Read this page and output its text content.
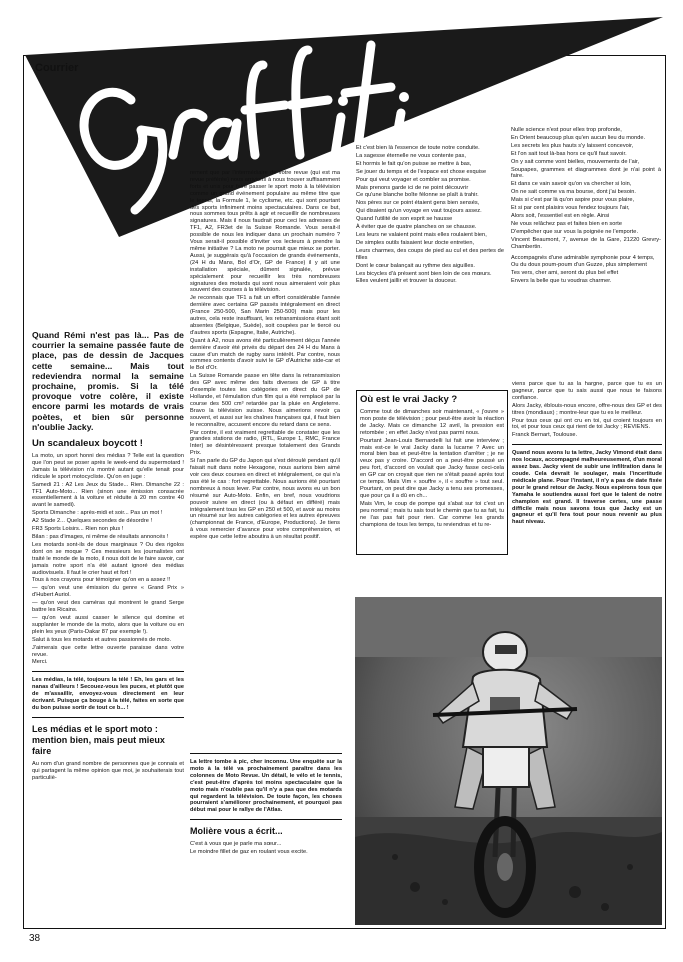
Courrier

Quand Rémi n'est pas là... Pas de courrier la semaine passée faute de place, pas de dessin de Jacques cette semaine... Mais tout redeviendra normal la semaine prochaine, promis. Si la télé provoque votre colère, il existe encore parmi les motards de vrais poètes, et bien sûr personne n'oublie Jacky.

Un scandaleux boycott !

La moto, un sport honni des médias ? Telle est la question que l'on peut se poser après le week-end du supermotard ! Jamais la télévision n'a montré autant qu'elle tenait pour ridicule le sport motocycliste. Qu'on en juge :

Samedi 21 : A2 Les Jeux du Stade... Rien. Dimanche 22 : TF1 Auto-Moto... Rien (sinon une émission consacrée essentiellement à la voiture et réduite à 20 mn contre 40 avant le samedi).

Sports Dimanche : après-midi et soir... Pas un mot !

A2 Stade 2... Quelques secondes de désordre !

FR3 Sports Loisirs... Rien non plus !

Bilan : pas d'images, ni même de résultats annoncés !

Les motards sont-ils de doux marginaux ? Ou des rigolos dont on se moque ? Ces messieurs les journalistes ont traité le monde de la moto, il nous doit de le faire savoir, car jamais notre sport n'a été autant ignoré des médias audiovisuels. Il faut le crier haut et fort !

Tous à nos crayons pour témoigner qu'on en a assez !!

— qu'on veut une émission du genre « Grand Prix » d'Hubert Auriol.

— qu'on veut des caméras qui montrent le grand Serge battre les Ricains.

— qu'on veut aussi casser le silence qui domine et supplanter le monde de la moto, alors que la voiture ou en plein les yeux (Paris-Dakar 87 par exemple !).

Salut à tous les motards et autres passionnés de moto.

J'aimerais que cette lettre ouverte paraisse dans votre revue.

Merci.

Les médias, la télé, toujours la télé ! Eh, les gars et les nanas d'ailleurs ! Secouez-vous les puces, et plutôt que de m'assaillir, envoyez-vous directement en leur écrivant. Puisque ça bouge à la télé, faites en sorte que du bon puisse sortir de tout ce b... !

Les médias et le sport moto : mention bien, mais peut mieux faire

Au nom d'un grand nombre de personnes que je connais et qui partagent la même opinion que moi, je souhaiterais tout particuliè-

rement que par l'intermédiaire de votre revue (qui est ma revue préférée) nous arrivions à nous trouver suffisamment forts et unis pour faire passer le sport moto à la télévision comme un grand événement populaire au même titre que le tennis, la Formule 1, le cyclisme, etc. qui sont pourtant des sports infiniment moins spectaculaires. Dans ce but, nous sommes tous prêts à agir et recueillir de nombreuses signatures. Mais il nous faudrait pour ceci les adresses de TF1, A2, FR3et de la Suisse Romande. Vous serait-il possible de nous les indiquer dans un prochain numéro ? Vous serait-il possible d'inviter vos lecteurs à prendre la même initiative ? La moto ne pourrait que mieux se porter. Aussi, je suggérais qu'à l'occasion de grands événements, (24 H du Mans, Bol d'Or, GP de France) il y ait une installation spéciale, dûment signalée, prévue spécialement pour recueillir les très nombreuses signatures des motards qui sont nous aimeraient voir plus souvent des courses à la télévision.

Je reconnais que TF1 a fait un effort considérable l'année dernière avec certains GP passés intégralement en direct (France 250-500, San Marin 250-500) mais pour les autres, cela reste insuffisant, les retransmissions étant soit absentes (Belgique, Suède), soit coupées par le tiercé ou d'autres sports (Espagne, Italie, Autriche).

Quant à A2, nous avons été particulièrement déçus l'année dernière d'avoir été privés du départ des 24 H du Mans à cause d'un match de rugby sans intérêt. Par contre, nous sommes contents d'avoir suivi le GP d'Autriche side-car et le Bol d'Or.

La Suisse Romande passe en tête dans la retransmission des GP avec même des faits diverses de GP à titre d'exemple toutes les catégories en direct du GP de Hollande, et l'émulation d'un film qui a été remplacé par la course des 500 cm³ retardée par la pluie en Angleterre. Bravo la télévision suisse. Nous aimerions revoir ça souvent, et aussi sur les chaînes françaises qui, il faut bien le reconnaître, accusent encore du retard dans ce sens.

Par contre, il est vraiment regrettable de constater que les grandes stations de radio, (RTL, Europe 1, RMC, France Inter) se désintéressent presque totalement des Grands Prix.

Si l'an parle du GP du Japon qui s'est déroulé pendant qu'il faisait nuit dans notre Hexagone, nous aurions bien aimé voir ces deux courses en direct et intégralement, ce qui n'a pas été le cas : fort regrettable. Nous aurions été pourtant nombreux à nous lever. Par contre, nous avons eu un bon résumé sur Auto-Moto. Enfin, en bref, nous voudrions pouvoir suivre en direct (ou à défaut en différé) mais intégralement tous les GP en 250 et 500, et avoir au moins un résumé sur les autres catégories et les autres épreuves (championnat de France, d'Europe, Productions). Je tiens à vous remercier d'avance pour votre compréhension, et espère que cette lettre aboutira à un résultat positif.

La lettre tombe à pic, cher inconnu. Une enquête sur la moto à la télé va prochainement paraître dans les colonnes de Moto Revue. Un détail, le vélo et le tennis, c'est peut-être d'après toi moins spectaculaire que la moto mais n'oublie pas qu'il n'y a pas que des motards qui regardent la télévision. De toute façon, les choses pourraient s'améliorer prochainement, et pourquoi pas début mai pour le rallye de l'Atlas.

Molière vous a écrit...

C'est à vous que je parle ma sœur...

Le moindre fillet de gaz en roulant vous excite.

Et c'est bien là l'essence de toute notre conduite.

La sagesse éternelle ne vous contente pas,

Et hormis le fait qu'on puisse se mettre à bas,

Se jouer du temps et de l'espace est chose exquise

Pour qui veut voyager et combler sa promise.

Mais prenons garde ici de ne point découvrir

Ce qu'une blanche boîte félonne se plaît à trahir.

Nos pères sur ce point étaient gens bien sensés,

Qui disaient qu'un voyage en vaut toujours assez.

Quand l'utilité de son esprit se hausse

À éviter que de quatre planches on se chausse.

Les leurs ne valaient point mais elles roulaient bien,

De simples outils faisaient leur docte entretien,

Leurs charmes, des coups de pied au cul et des pertes de filles

Dont le cœur balançait au rythme des aiguilles.

Les bicycles d'à présent sont bien loin de ces mœurs.

Elles veulent jaillir et trouver la douceur.

Nulle science n'est pour elles trop profonde,

En Orient beaucoup plus qu'en aucun lieu du monde.

Les secrets les plus hauts s'y laissent concevoir,

Et l'on sait tout là-bas hors ce qu'il faut savoir.

On y sait comme vont bielles, mouvements de l'air,

Soupapes, grammes et diagrammes dont je n'ai point à faire.

Et dans ce vain savoir qu'on va chercher si loin,

On ne sait comme va ma bourse, dont j'ai besoin.

Mais si c'est par là qu'on aspire pour vous plaire,

Et si par cent plaisirs vous fendez toujours l'air,

Alors soit, l'essentiel est en règle. Ainsi

Ne vous relâchez pas et faites bien en sorte

D'empêcher que sur vous la poignée ne l'emporte.

Vincent Beaumont, 7, avenue de la Gare, 21220 Grevry-Chambertin.

Accompagnés d'une admirable symphonie pour 4 temps,

Ou du doux poum-poum d'un Guzze, plus simplement

Tes vers, cher ami, seront du plus bel effet

Envers la belle que tu voudras charmer.

Où est le vrai Jacky ?

Comme tout de dimanches soir maintenant, « j'ouvre » mon poste de télévision ; pour peut-être avoir la réaction de Jacky. Mais ce dimanche 12 avril, la pression est retombée ; en effet Jacky n'est pas parmi nous.

Pourtant Jean-Louis Bernardelli lui fait une interview ; mais est-ce le vrai Jacky dans la lucarne ? Avec un moral bien bas et peut-être la tentation d'arrêter ; je ne veux pas y croire. D'accord on a peut-être poussé un peu fort, d'accord on voulait que Jacky fasse ceci-cela en GP car on croyait que rien ne s'était passé après tout ce temps. Mais Vim « souffre », il « souffre » tout seul. Pourtant, on peut dire que Jacky a tenu ses promesses, que pour ça il a dû en ch...

Mais Vim, le coup de pompe qui s'abat sur toi c'est un peu normal ; mais tu sais tout le chemin que tu as fait, tu ne l'as pas fait pour rien. Car comme les grands champions de tous les temps, tu reviendras et tu re-

viens parce que tu as la hargne, parce que tu es un gagneur, parce que tu sais aussi que nous te faisons confiance.

Alors Jacky, éblouis-nous encore, offre-nous des GP et des titres (mondiaux) ; montre-leur que tu es le meilleur.

Pour tous ceux qui ont cru en toi, qui croient toujours en toi, et pour tous ceux qui rient de toi Jacky ; REVIENS.

Franck Bernart, Toulouse.

Quand nous avons lu ta lettre, Jacky Vimond était dans nos locaux, accompagné malheureusement, d'un moral assez bas. Jacky vient de subir une infiltration dans le coude. Cela devrait le soulager, mais l'incertitude médicale plane. Pour l'instant, il n'y a pas de date fixée pour le grand retour de Jacky. Nous espérons tous que Yamaha le soutiendra aussi fort que le talent de notre champion est grand. Il traverse certes, une passe difficile mais nous savons tous que Jacky est un gagneur et qu'il fera tout pour nous revenir au plus haut niveau.

38
